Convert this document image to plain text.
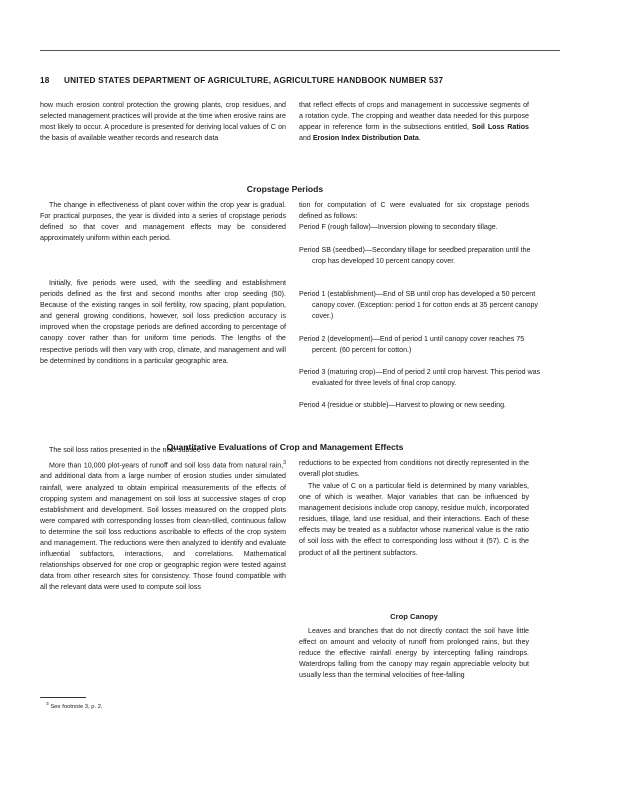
18 UNITED STATES DEPARTMENT OF AGRICULTURE, AGRICULTURE HANDBOOK NUMBER 537

how much erosion control protection the growing plants, crop residues, and selected management practices will provide at the time when erosive rains are most likely to occur. A procedure is presented for deriving local values of C on the basis of available weather records and research data

that reflect effects of crops and management in successive segments of a rotation cycle. The cropping and weather data needed for this purpose appear in reference form in the subsections entitled, Soil Loss Ratios and Erosion Index Distribution Data.

Cropstage Periods

The change in effectiveness of plant cover within the crop year is gradual. For practical purposes, the year is divided into a series of cropstage periods defined so that cover and management effects may be considered approximately uniform within each period.

Initially, five periods were used, with the seedling and establishment periods defined as the first and second months after crop seeding (50). Because of the existing ranges in soil fertility, row spacing, plant population, and general growing conditions, however, soil loss prediction accuracy is improved when the cropstage periods are defined according to percentage of canopy cover rather than for uniform time periods. The lengths of the respective periods will then vary with crop, climate, and management and will be determined by conditions in a particular geographic area.

The soil loss ratios presented in the next subsec-

tion for computation of C were evaluated for six cropstage periods defined as follows:

Period F (rough fallow)—Inversion plowing to secondary tillage.

Period SB (seedbed)—Secondary tillage for seedbed preparation until the crop has developed 10 percent canopy cover.

Period 1 (establishment)—End of SB until crop has developed a 50 percent canopy cover. (Exception: period 1 for cotton ends at 35 percent canopy cover.)

Period 2 (development)—End of period 1 until canopy cover reaches 75 percent. (60 percent for cotton.)

Period 3 (maturing crop)—End of period 2 until crop harvest. This period was evaluated for three levels of final crop canopy.

Period 4 (residue or stubble)—Harvest to plowing or new seeding.

Quantitative Evaluations of Crop and Management Effects

More than 10,000 plot-years of runoff and soil loss data from natural rain,$^3$ and additional data from a large number of erosion studies under simulated rainfall, were analyzed to obtain empirical measurements of the effects of cropping system and management on soil loss at successive stages of crop establishment and development. Soil losses measured on the cropped plots were compared with corresponding losses from clean-tilled, continuous fallow to determine the soil loss reductions ascribable to effects of the crop system and management. The reductions were then analyzed to identify and evaluate influential subfactors, interactions, and correlations. Mathematical relationships observed for one crop or geographic region were tested against data from other research sites for consistency. Those found compatible with all the relevant data were used to compute soil loss

reductions to be expected from conditions not directly represented in the overall plot studies.

The value of C on a particular field is determined by many variables, one of which is weather. Major variables that can be influenced by management decisions include crop canopy, residue mulch, incorporated residues, tillage, land use residual, and their interactions. Each of these effects may be treated as a subfactor whose numerical value is the ratio of soil loss with the effect to corresponding loss without it (57). C is the product of all the pertinent subfactors.

Crop Canopy

Leaves and branches that do not directly contact the soil have little effect on amount and velocity of runoff from prolonged rains, but they reduce the effective rainfall energy by intercepting falling raindrops. Waterdrops falling from the canopy may regain appreciable velocity but usually less than the terminal velocities of free-falling

$^3$ See footnote 3, p. 2.
